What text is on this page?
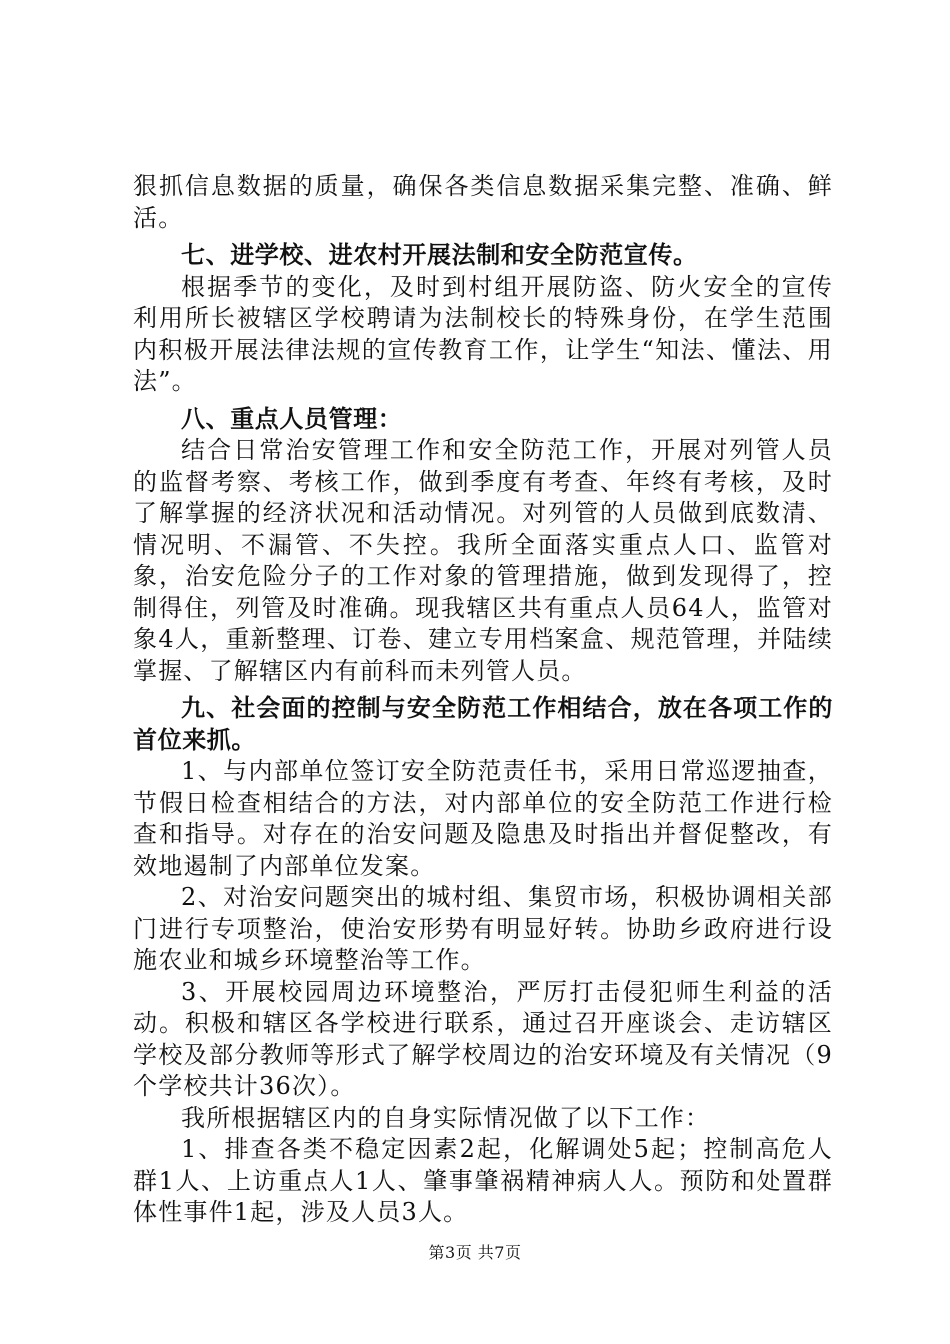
狠抓信息数据的质量，确保各类信息数据采集完整、准确、鲜活。

七、进学校、进农村开展法制和安全防范宣传。

根据季节的变化，及时到村组开展防盗、防火安全的宣传利用所长被辖区学校聘请为法制校长的特殊身份，在学生范围内积极开展法律法规的宣传教育工作，让学生“知法、懂法、用法”。

八、重点人员管理：

结合日常治安管理工作和安全防范工作，开展对列管人员的监督考察、考核工作，做到季度有考查、年终有考核，及时了解掌握的经济状况和活动情况。对列管的人员做到底数清、情况明、不漏管、不失控。我所全面落实重点人口、监管对象，治安危险分子的工作对象的管理措施，做到发现得了，控制得住，列管及时准确。现我辖区共有重点人员64人，监管对象4人，重新整理、订卷、建立专用档案盒、规范管理，并陆续掌握、了解辖区内有前科而未列管人员。

九、社会面的控制与安全防范工作相结合，放在各项工作的首位来抓。

1、与内部单位签订安全防范责任书，采用日常巡逻抽查，节假日检查相结合的方法，对内部单位的安全防范工作进行检查和指导。对存在的治安问题及隐患及时指出并督促整改，有效地遏制了内部单位发案。

2、对治安问题突出的城村组、集贸市场，积极协调相关部门进行专项整治，使治安形势有明显好转。协助乡政府进行设施农业和城乡环境整治等工作。

3、开展校园周边环境整治，严厉打击侵犯师生利益的活动。积极和辖区各学校进行联系，通过召开座谈会、走访辖区学校及部分教师等形式了解学校周边的治安环境及有关情况（9个学校共计36次）。

我所根据辖区内的自身实际情况做了以下工作：

1、排查各类不稳定因素2起，化解调处5起；控制高危人群1人、上访重点人1人、肇事肇祸精神病人人。预防和处置群体性事件1起，涉及人员3人。

第3页 共7页
